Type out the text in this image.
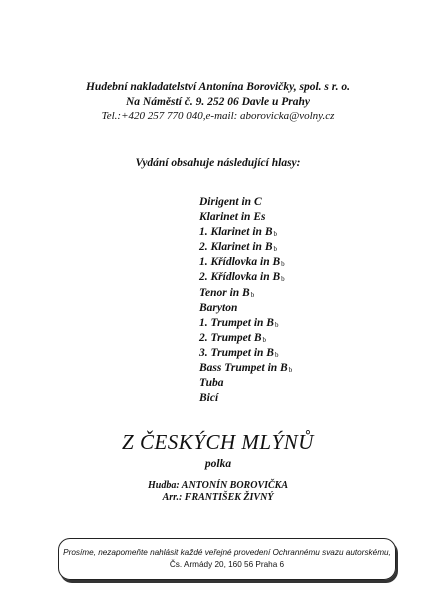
Hudební nakladatelství Antonína Borovičky, spol. s r. o.
Na Náměstí č. 9. 252 06 Davle u Prahy
Tel.:+420 257 770 040,e-mail: aborovicka@volny.cz
Vydání obsahuje následující hlasy:
Dirigent in C
Klarinet in Es
1. Klarinet in Bb
2. Klarinet in Bb
1. Křídlovka in Bb
2. Křídlovka in Bb
Tenor in Bb
Baryton
1. Trumpet in Bb
2. Trumpet Bb
3. Trumpet in Bb
Bass Trumpet in Bb
Tuba
Bicí
Z ČESKÝCH MLÝNŮ
polka
Hudba: ANTONÍN BOROVIČKA
Arr.: FRANTIŠEK ŽIVNÝ
Prosíme, nezapomeňte nahlásit každé veřejné provedení Ochrannému svazu autorskému,
Čs. Armády 20, 160 56 Praha 6
